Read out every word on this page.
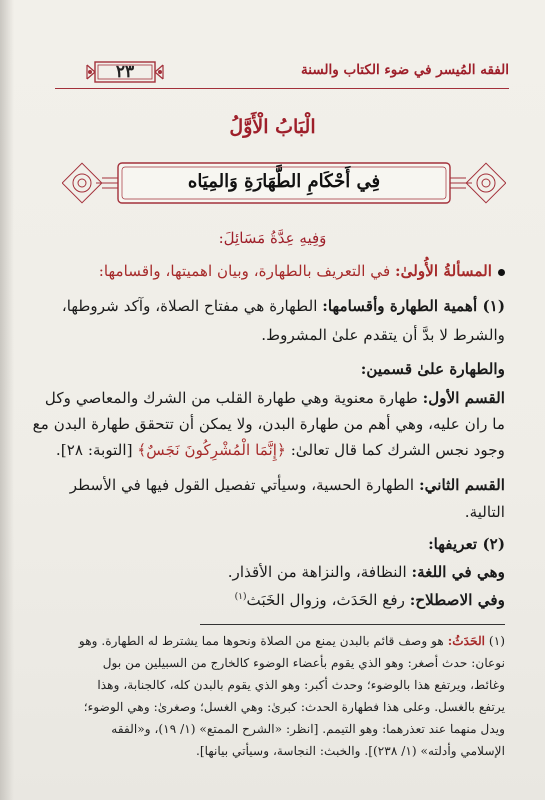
الفقه المُيسر في ضوء الكتاب والسنة
٢٣
الْبَابُ الْأَوَّلُ
فِي أَحْكَامِ الطَّهَارَةِ وَالمِيَاه
وَفِيهِ عِدَّةُ مَسَائِلَ:
المسألةُ الأُولىٰ: في التعريف بالطهارة، وبيان اهميتها، واقسامها:
(١) أهمية الطهارة وأقسامها: الطهارة هي مفتاح الصلاة، وآكد شروطها،
والشرط لا بدَّ أن يتقدم علىٰ المشروط.
والطهارة علىٰ قسمين:
القسم الأول: طهارة معنوية وهي طهارة القلب من الشرك والمعاصي وكل
ما ران عليه، وهي أهم من طهارة البدن، ولا يمكن أن تتحقق طهارة البدن مع
وجود نجس الشرك كما قال تعالىٰ: ﴿إِنَّمَا الْمُشْرِكُونَ نَجَسٌ﴾ [التوبة: ٢٨].
القسم الثاني: الطهارة الحسية، وسيأتي تفصيل القول فيها في الأسطر
التالية.
(٢) تعريفها:
وهي في اللغة: النظافة، والنزاهة من الأقذار.
وفي الاصطلاح: رفع الحَدَث، وزوال الخَبَث$^{(١)}$
(١) الحَدَثُ: هو وصف قائم بالبدن يمنع من الصلاة ونحوها مما يشترط له الطهارة. وهو
نوعان: حدث أصغر: وهو الذي يقوم بأعضاء الوضوء كالخارج من السبيلين من بول
وغائط، ويرتفع هذا بالوضوء؛ وحدث أكبر: وهو الذي يقوم بالبدن كله، كالجنابة، وهذا
يرتفع بالغسل. وعلى هذا فطهارة الحدث: كبرىٰ: وهي الغسل؛ وصغرىٰ: وهي الوضوء؛
ويدل منهما عند تعذرهما: وهو التيمم. [انظر: «الشرح الممتع» (١/ ١٩)، و«الفقه
الإسلامي وأدلته» (١/ ٢٣٨)]. والخبث: النجاسة، وسيأتي بيانها].
